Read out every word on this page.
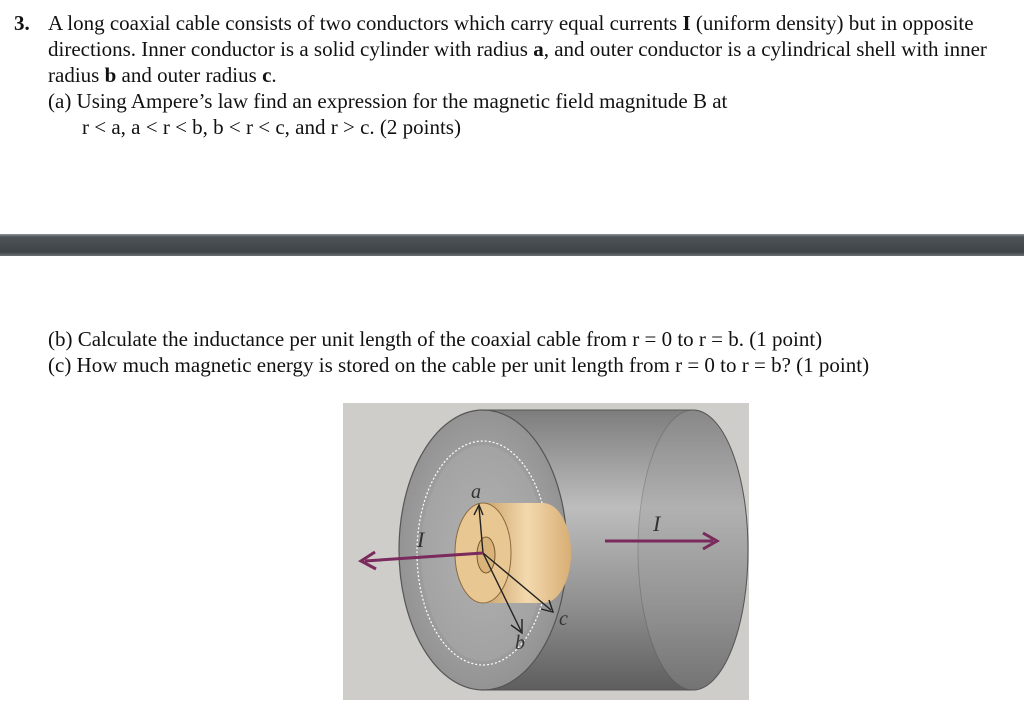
3. A long coaxial cable consists of two conductors which carry equal currents I (uniform density) but in opposite directions. Inner conductor is a solid cylinder with radius a, and outer conductor is a cylindrical shell with inner radius b and outer radius c.

(a) Using Ampere’s law find an expression for the magnetic field magnitude B at

r < a, a < r < b, b < r < c, and r > c. (2 points)

(b) Calculate the inductance per unit length of the coaxial cable from r = 0 to r = b. (1 point)

(c) How much magnetic energy is stored on the cable per unit length from r = 0 to r = b? (1 point)

a
b
c
I
I
